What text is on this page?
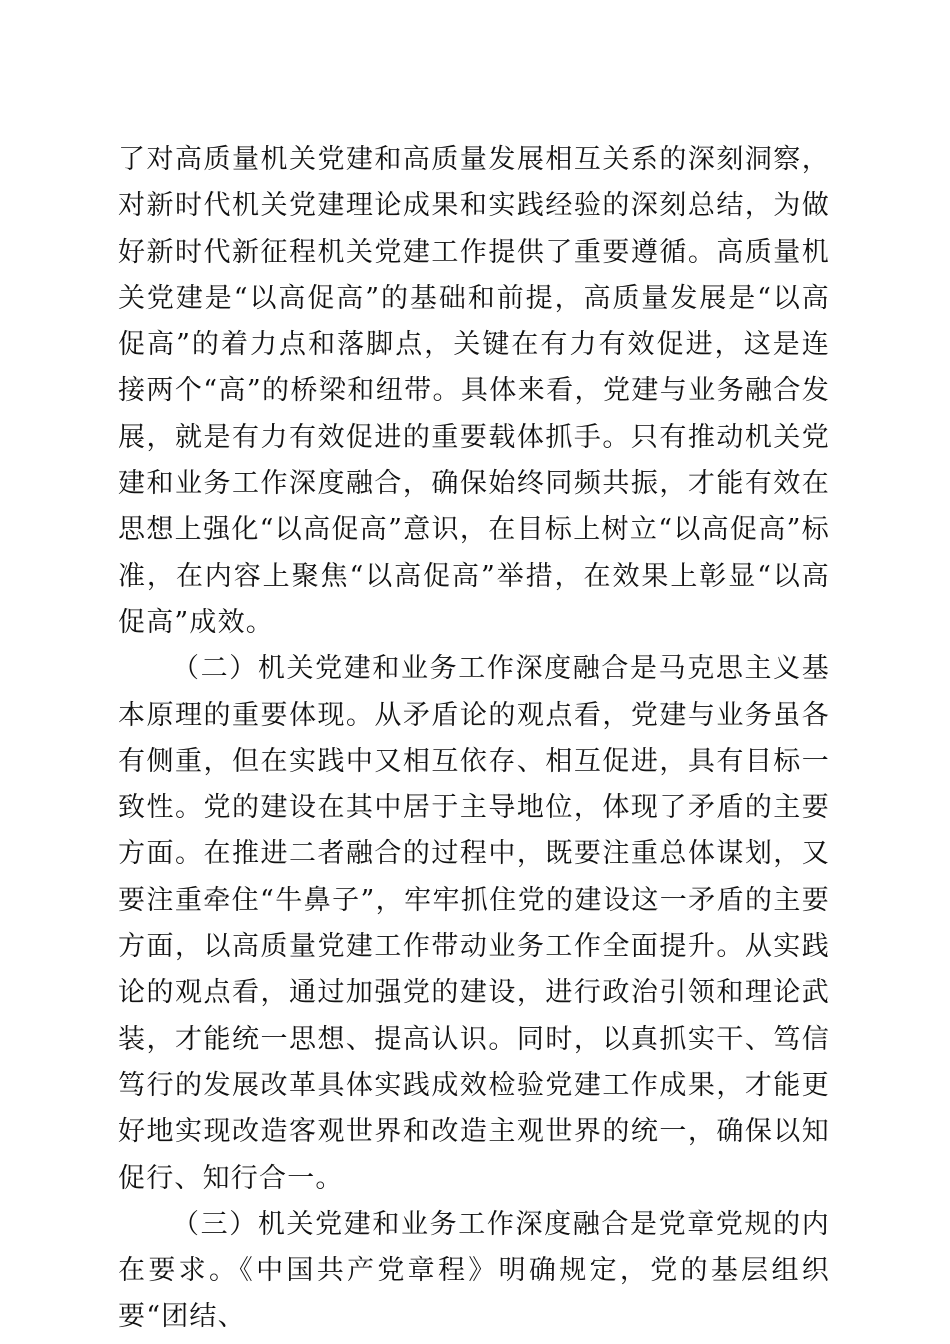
了对高质量机关党建和高质量发展相互关系的深刻洞察，对新时代机关党建理论成果和实践经验的深刻总结，为做好新时代新征程机关党建工作提供了重要遵循。高质量机关党建是“以高促高”的基础和前提，高质量发展是“以高促高”的着力点和落脚点，关键在有力有效促进，这是连接两个“高”的桥梁和纽带。具体来看，党建与业务融合发展，就是有力有效促进的重要载体抓手。只有推动机关党建和业务工作深度融合，确保始终同频共振，才能有效在思想上强化“以高促高”意识，在目标上树立“以高促高”标准，在内容上聚焦“以高促高”举措，在效果上彰显“以高促高”成效。

（二）机关党建和业务工作深度融合是马克思主义基本原理的重要体现。从矛盾论的观点看，党建与业务虽各有侧重，但在实践中又相互依存、相互促进，具有目标一致性。党的建设在其中居于主导地位，体现了矛盾的主要方面。在推进二者融合的过程中，既要注重总体谋划，又要注重牵住“牛鼻子”，牢牢抓住党的建设这一矛盾的主要方面，以高质量党建工作带动业务工作全面提升。从实践论的观点看，通过加强党的建设，进行政治引领和理论武装，才能统一思想、提高认识。同时，以真抓实干、笃信笃行的发展改革具体实践成效检验党建工作成果，才能更好地实现改造客观世界和改造主观世界的统一，确保以知促行、知行合一。

（三）机关党建和业务工作深度融合是党章党规的内在要求。《中国共产党章程》明确规定，党的基层组织要“团结、
